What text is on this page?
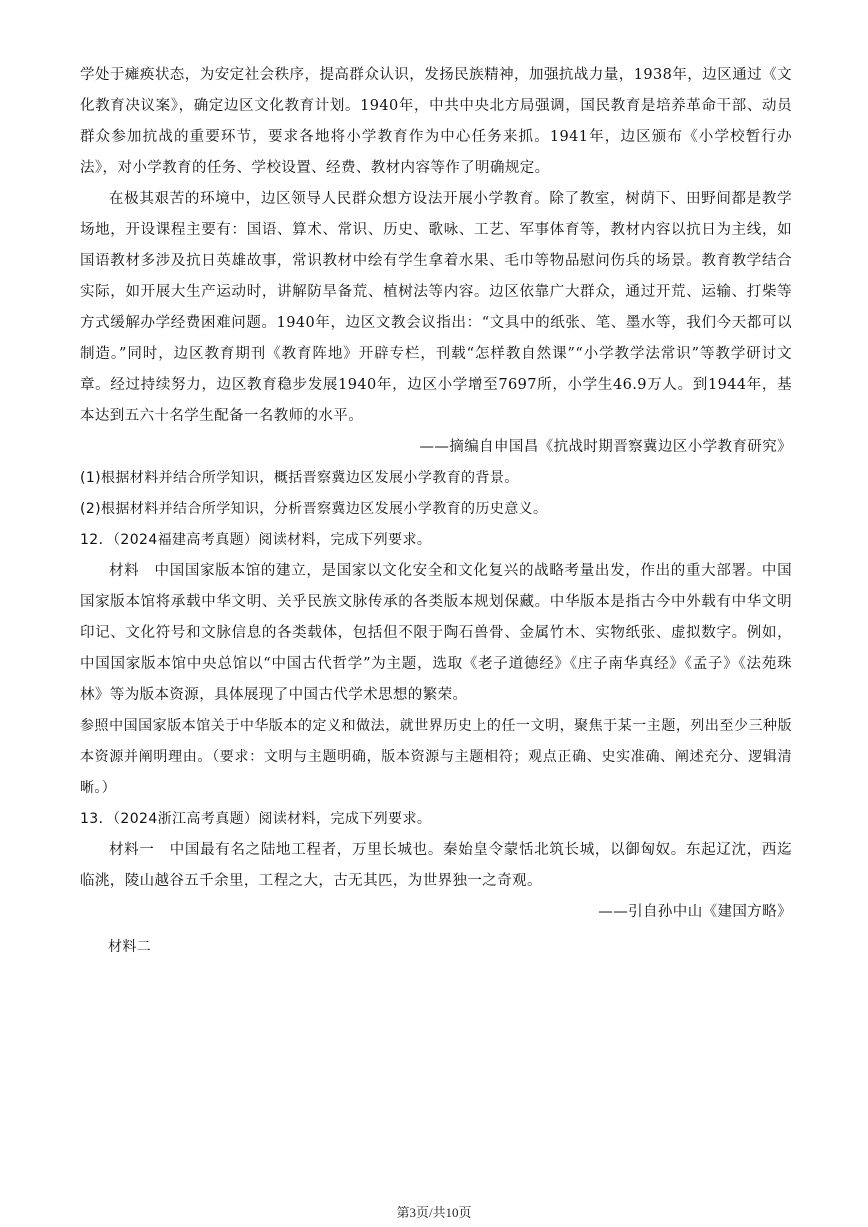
学处于瘫痪状态，为安定社会秩序，提高群众认识，发扬民族精神，加强抗战力量，1938年，边区通过《文化教育决议案》，确定边区文化教育计划。1940年，中共中央北方局强调，国民教育是培养革命干部、动员群众参加抗战的重要环节，要求各地将小学教育作为中心任务来抓。1941年，边区颁布《小学校暂行办法》，对小学教育的任务、学校设置、经费、教材内容等作了明确规定。

在极其艰苦的环境中，边区领导人民群众想方设法开展小学教育。除了教室，树荫下、田野间都是教学场地，开设课程主要有：国语、算术、常识、历史、歌咏、工艺、军事体育等，教材内容以抗日为主线，如国语教材多涉及抗日英雄故事，常识教材中绘有学生拿着水果、毛巾等物品慰问伤兵的场景。教育教学结合实际，如开展大生产运动时，讲解防旱备荒、植树法等内容。边区依靠广大群众，通过开荒、运输、打柴等方式缓解办学经费困难问题。1940年，边区文教会议指出：“文具中的纸张、笔、墨水等，我们今天都可以制造。”同时，边区教育期刊《教育阵地》开辟专栏，刊载“怎样教自然课”“小学教学法常识”等教学研讨文章。经过持续努力，边区教育稳步发展1940年，边区小学增至7697所，小学生46.9万人。到1944年，基本达到五六十名学生配备一名教师的水平。

——摘编自申国昌《抗战时期晋察冀边区小学教育研究》

(1)根据材料并结合所学知识，概括晋察冀边区发展小学教育的背景。

(2)根据材料并结合所学知识，分析晋察冀边区发展小学教育的历史意义。

12．（2024福建高考真题）阅读材料，完成下列要求。

材料　中国国家版本馆的建立，是国家以文化安全和文化复兴的战略考量出发，作出的重大部署。中国国家版本馆将承载中华文明、关乎民族文脉传承的各类版本规划保藏。中华版本是指古今中外载有中华文明印记、文化符号和文脉信息的各类载体，包括但不限于陶石兽骨、金属竹木、实物纸张、虚拟数字。例如，中国国家版本馆中央总馆以“中国古代哲学”为主题，选取《老子道德经》《庄子南华真经》《孟子》《法苑珠林》等为版本资源，具体展现了中国古代学术思想的繁荣。

参照中国国家版本馆关于中华版本的定义和做法，就世界历史上的任一文明，聚焦于某一主题，列出至少三种版本资源并阐明理由。（要求：文明与主题明确，版本资源与主题相符；观点正确、史实准确、阐述充分、逻辑清晰。）

13．（2024浙江高考真题）阅读材料，完成下列要求。

材料一　中国最有名之陆地工程者，万里长城也。秦始皇令蒙恬北筑长城，以御匈奴。东起辽沈，西迄临洮，陵山越谷五千余里，工程之大，古无其匹，为世界独一之奇观。

——引自孙中山《建国方略》

材料二

第3页/共10页
